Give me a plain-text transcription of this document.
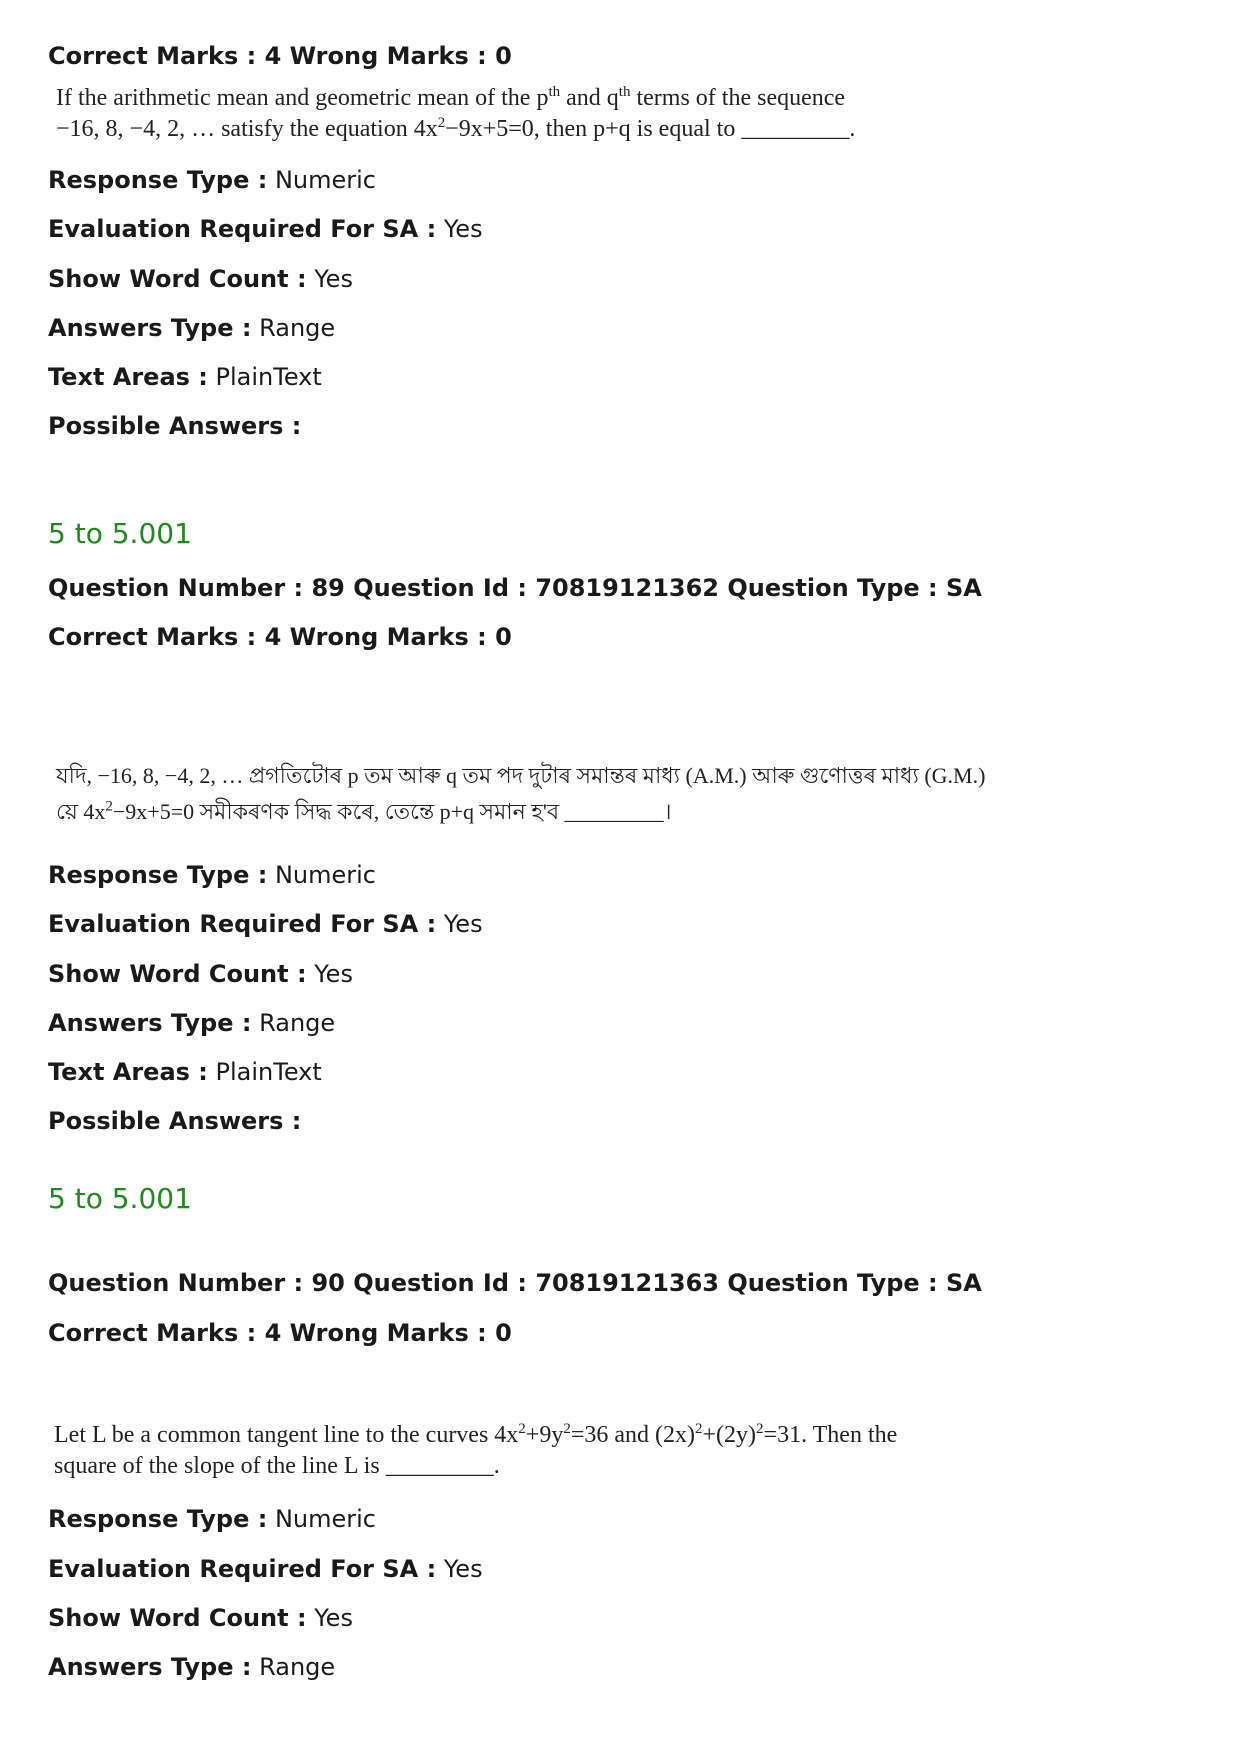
Correct Marks : 4 Wrong Marks : 0
If the arithmetic mean and geometric mean of the $p^{th}$ and $q^{th}$ terms of the sequence
−16, 8, −4, 2, … satisfy the equation $4x^2-9x+5=0$, then p+q is equal to _________.
Response Type : Numeric
Evaluation Required For SA : Yes
Show Word Count : Yes
Answers Type : Range
Text Areas : PlainText
Possible Answers :
5 to 5.001
Question Number : 89 Question Id : 70819121362 Question Type : SA
Correct Marks : 4 Wrong Marks : 0
যদি, −16, 8, −4, 2, … প্ৰগতিটোৰ p তম আৰু q তম পদ দুটাৰ সমান্তৰ মাধ্য (A.M.) আৰু গুণোত্তৰ মাধ্য (G.M.)
য়ে $4x^2-9x+5=0$ সমীকৰণক সিদ্ধ কৰে, তেন্তে p+q সমান হ'ব _________।
Response Type : Numeric
Evaluation Required For SA : Yes
Show Word Count : Yes
Answers Type : Range
Text Areas : PlainText
Possible Answers :
5 to 5.001
Question Number : 90 Question Id : 70819121363 Question Type : SA
Correct Marks : 4 Wrong Marks : 0
Let L be a common tangent line to the curves $4x^2+9y^2=36$ and $(2x)^2+(2y)^2=31$. Then the
square of the slope of the line L is _________.
Response Type : Numeric
Evaluation Required For SA : Yes
Show Word Count : Yes
Answers Type : Range
